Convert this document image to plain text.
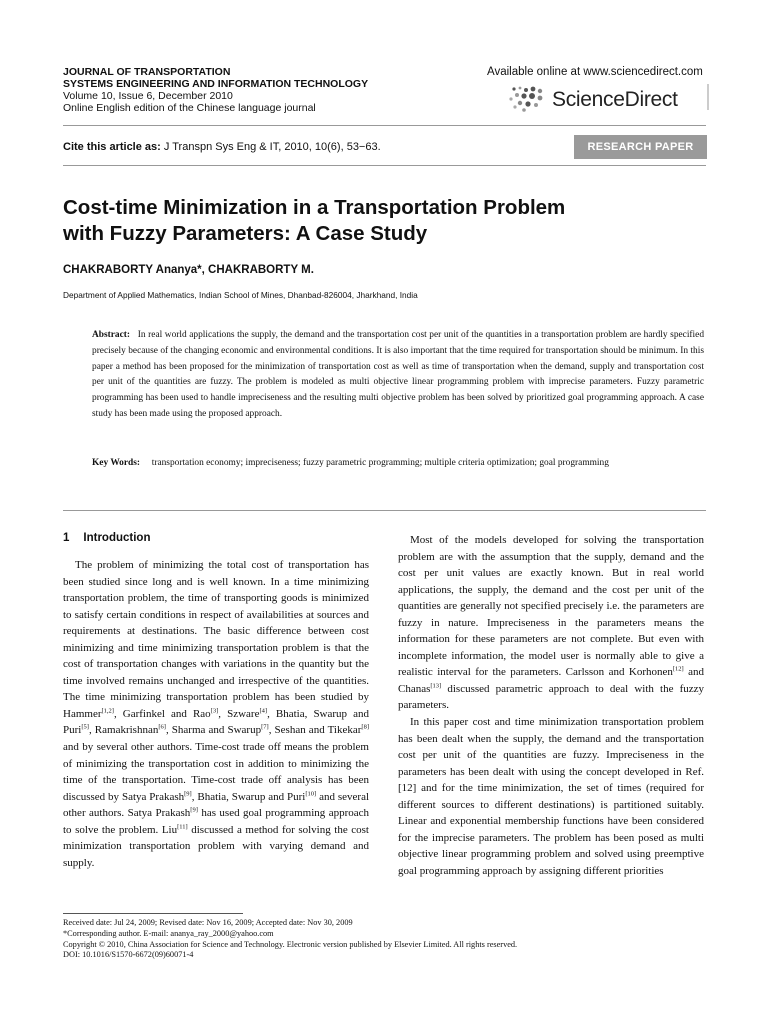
JOURNAL OF TRANSPORTATION
SYSTEMS ENGINEERING AND INFORMATION TECHNOLOGY
Volume 10, Issue 6, December 2010
Online English edition of the Chinese language journal
Available online at www.sciencedirect.com
ScienceDirect
Cite this article as: J Transpn Sys Eng & IT, 2010, 10(6), 53−63.	RESEARCH PAPER
Cost-time Minimization in a Transportation Problem
with Fuzzy Parameters: A Case Study
CHAKRABORTY Ananya*, CHAKRABORTY M.
Department of Applied Mathematics, Indian School of Mines, Dhanbad-826004, Jharkhand, India
Abstract: In real world applications the supply, the demand and the transportation cost per unit of the quantities in a transportation problem are hardly specified precisely because of the changing economic and environmental conditions. It is also important that the time required for transportation should be minimum. In this paper a method has been proposed for the minimization of transportation cost as well as time of transportation when the demand, supply and transportation cost per unit of the quantities are fuzzy. The problem is modeled as multi objective linear programming problem with imprecise parameters. Fuzzy parametric programming has been used to handle impreciseness and the resulting multi objective problem has been solved by prioritized goal programming approach. A case study has been made using the proposed approach.
Key Words: transportation economy; impreciseness; fuzzy parametric programming; multiple criteria optimization; goal programming
1 Introduction

The problem of minimizing the total cost of transportation has been studied since long and is well known. In a time minimizing transportation problem, the time of transporting goods is minimized to satisfy certain conditions in respect of availabilities at sources and requirements at destinations. The basic difference between cost minimizing and time minimizing transportation problem is that the cost of transportation changes with variations in the quantity but the time involved remains unchanged and irrespective of the quantities. The time minimizing transportation problem has been studied by Hammer[1,2], Garfinkel and Rao[3], Szware[4], Bhatia, Swarup and Puri[5], Ramakrishnan[6], Sharma and Swarup[7], Seshan and Tikekar[8] and by several other authors. Time-cost trade off means the problem of minimizing the transportation cost in addition to minimizing the time of the transportation. Time-cost trade off analysis has been discussed by Satya Prakash[9], Bhatia, Swarup and Puri[10] and several other authors. Satya Prakash[9] has used goal programming approach to solve the problem. Liu[11] discussed a method for solving the cost minimization transportation problem with varying demand and supply.

Most of the models developed for solving the transportation problem are with the assumption that the supply, demand and the cost per unit values are exactly known. But in real world applications, the supply, the demand and the cost per unit of the quantities are generally not specified precisely i.e. the parameters are fuzzy in nature. Impreciseness in the parameters means the information for these parameters are not complete. But even with incomplete information, the model user is normally able to give a realistic interval for the parameters. Carlsson and Korhonen[12] and Chanas[13] discussed parametric approach to deal with the fuzzy parameters.

In this paper cost and time minimization transportation problem has been dealt when the supply, the demand and the transportation cost per unit of the quantities are fuzzy. Impreciseness in the parameters has been dealt with using the concept developed in Ref. [12] and for the time minimization, the set of times (required for different sources to different destinations) is partitioned suitably. Linear and exponential membership functions have been considered for the imprecise parameters. The problem has been posed as multi objective linear programming problem and solved using preemptive goal programming approach by assigning different priorities

Received date: Jul 24, 2009; Revised date: Nov 16, 2009; Accepted date: Nov 30, 2009
*Corresponding author. E-mail: ananya_ray_2000@yahoo.com
Copyright © 2010, China Association for Science and Technology. Electronic version published by Elsevier Limited. All rights reserved.
DOI: 10.1016/S1570-6672(09)60071-4
